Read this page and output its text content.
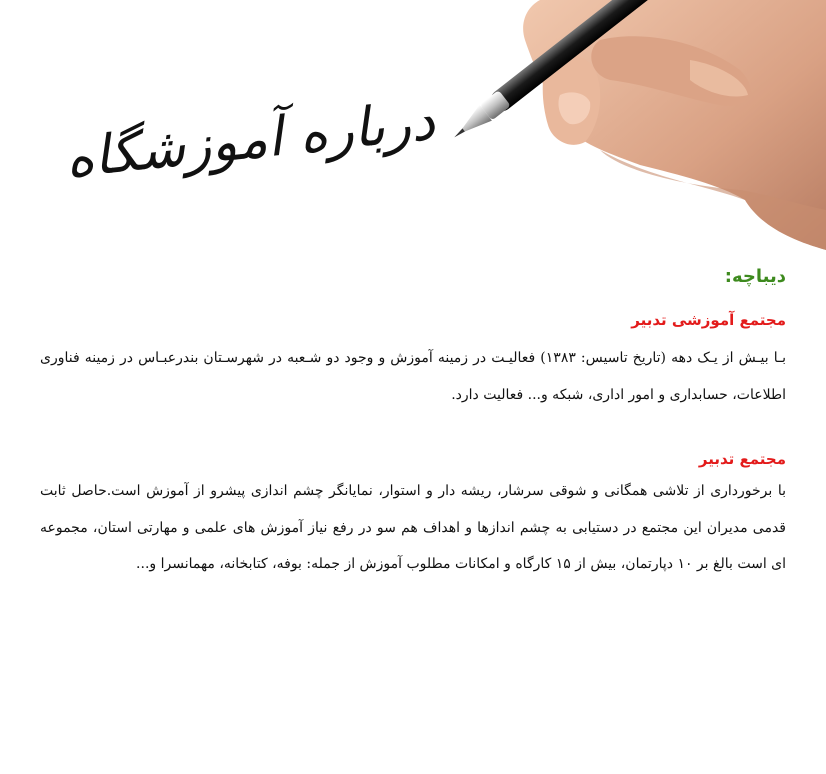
درباره آموزشگاه
دیباچه:
مجتمع آموزشی تدبیر

بـا بیـش از یـک دهه (تاریخ تاسیس: ۱۳۸۳) فعالیـت در زمینه آموزش و وجود دو شـعبه در شهرسـتان بندرعبـاس در زمینه فناوری اطلاعات، حسابداری و امور اداری، شبکه و... فعالیت دارد.

مجتمع تدبیر

با برخورداری از تلاشی همگانی و شوقی سرشار، ریشه دار و استوار، نمایانگر چشم اندازی پیشرو از آموزش است.حاصل ثابت قدمی مدیران این مجتمع در دستیابی به چشم اندازها و اهداف هم سو در رفع نیاز آموزش های علمی و مهارتی استان، مجموعه ای است بالغ بر ۱۰ دپارتمان، بیش از ۱۵ کارگاه و امکانات مطلوب آموزش از جمله: بوفه، کتابخانه، مهمانسرا و...
